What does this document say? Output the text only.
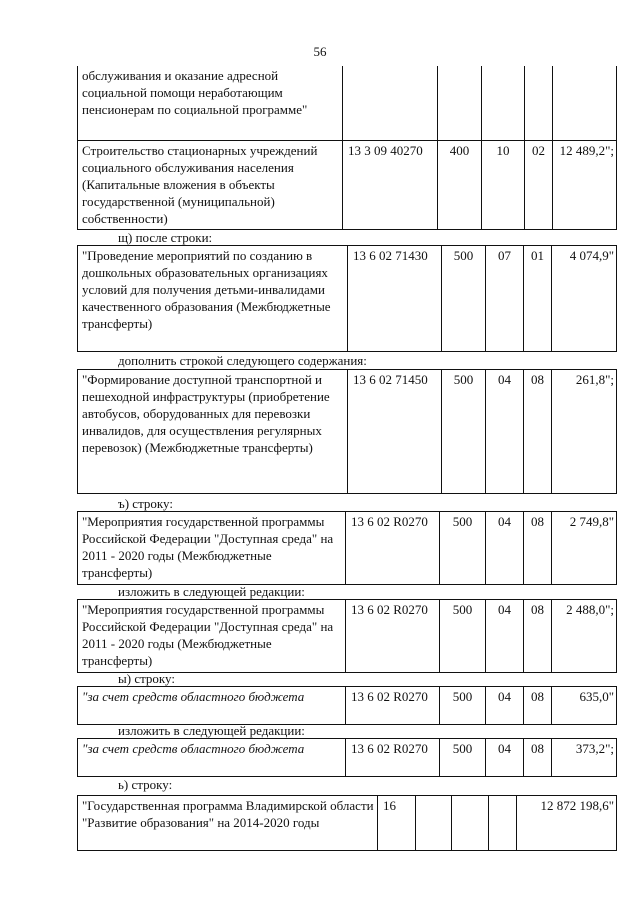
56
обслуживания и оказание адресной социальной помощи неработающим пенсионерам по социальной программе"					
Строительство стационарных учреждений социального обслуживания населения (Капитальные вложения в объекты государственной (муниципальной) собственности)	13 3 09 40270	400	10	02	12 489,2";
щ) после строки:
"Проведение мероприятий по созданию в дошкольных образовательных организациях условий для получения детьми-инвалидами качественного образования (Межбюджетные трансферты)	13 6 02 71430	500	07	01	4 074,9"
дополнить строкой следующего содержания:
"Формирование доступной транспортной и пешеходной инфраструктуры (приобретение автобусов, оборудованных для перевозки инвалидов, для осуществления регулярных перевозок) (Межбюджетные трансферты)	13 6 02 71450	500	04	08	261,8";
ъ) строку:
"Мероприятия государственной программы Российской Федерации "Доступная среда" на 2011 - 2020 годы (Межбюджетные трансферты)	13 6 02 R0270	500	04	08	2 749,8"
изложить в следующей редакции:
"Мероприятия государственной программы Российской Федерации "Доступная среда" на 2011 - 2020 годы (Межбюджетные трансферты)	13 6 02 R0270	500	04	08	2 488,0";
ы) строку:
"за счет средств областного бюджета	13 6 02 R0270	500	04	08	635,0"
изложить в следующей редакции:
"за счет средств областного бюджета	13 6 02 R0270	500	04	08	373,2";
ь) строку:
"Государственная программа Владимирской области "Развитие образования" на 2014-2020 годы	16				12 872 198,6"
